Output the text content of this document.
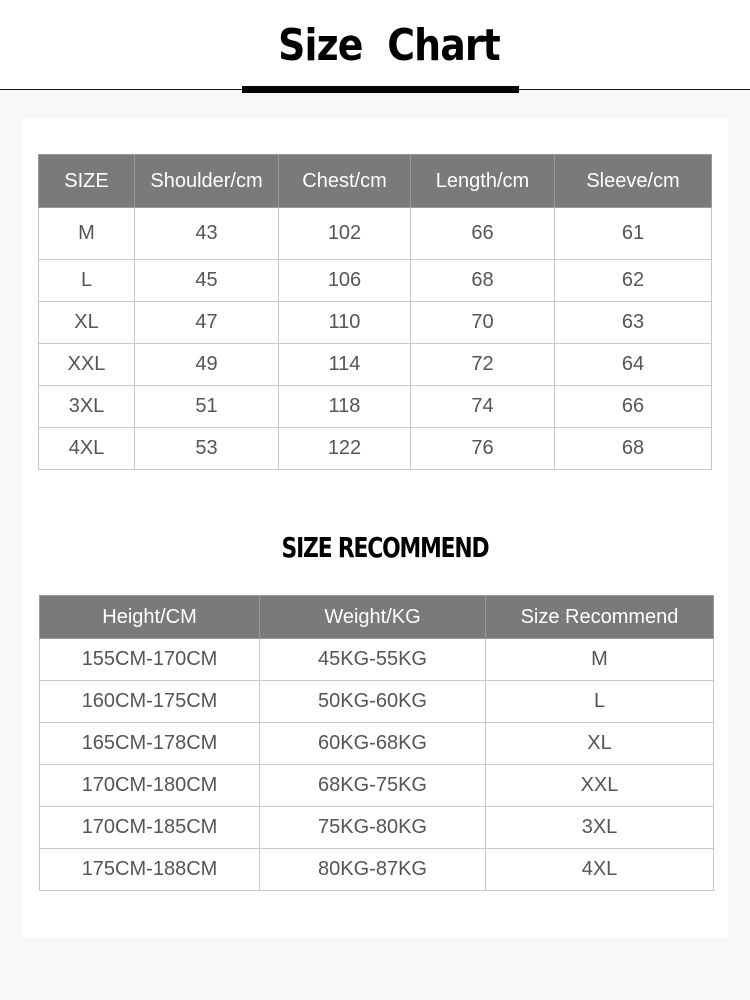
Size  Chart
SIZE	Shoulder/cm	Chest/cm	Length/cm	Sleeve/cm
M	43	102	66	61
L	45	106	68	62
XL	47	110	70	63
XXL	49	114	72	64
3XL	51	118	74	66
4XL	53	122	76	68
SIZE RECOMMEND
Height/CM	Weight/KG	Size Recommend
155CM-170CM	45KG-55KG	M
160CM-175CM	50KG-60KG	L
165CM-178CM	60KG-68KG	XL
170CM-180CM	68KG-75KG	XXL
170CM-185CM	75KG-80KG	3XL
175CM-188CM	80KG-87KG	4XL
